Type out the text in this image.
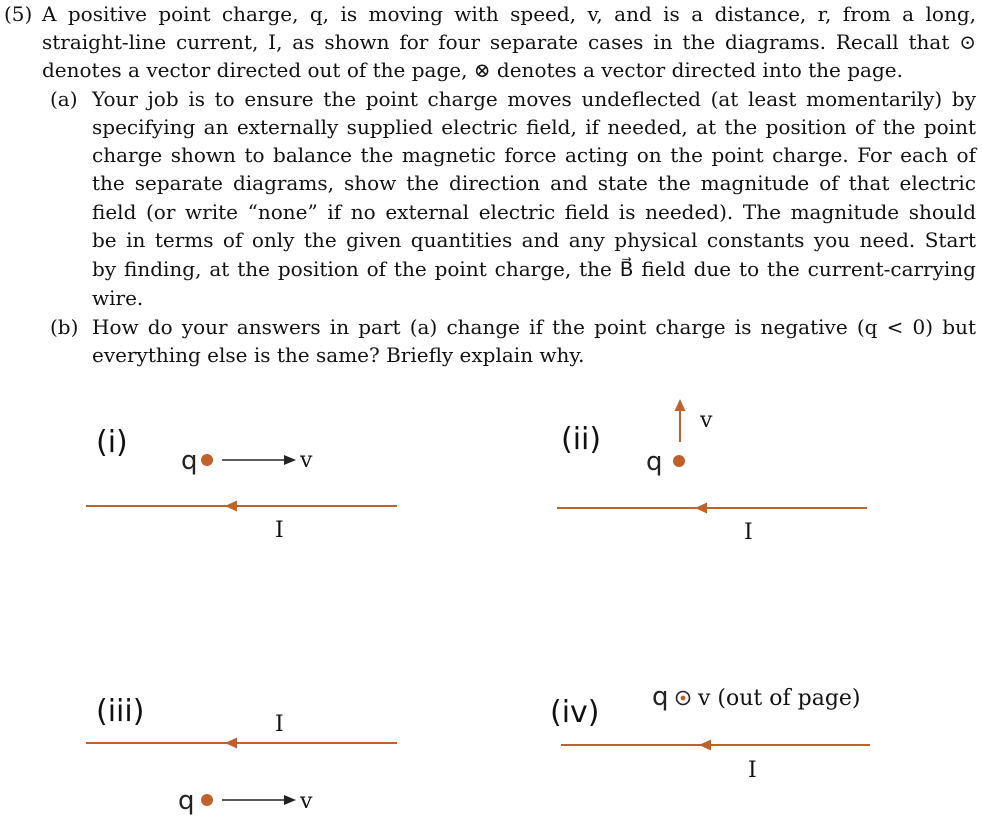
(5) A positive point charge, q, is moving with speed, v, and is a distance, r, from a long,
straight-line current, I, as shown for four separate cases in the diagrams. Recall that ⊙
denotes a vector directed out of the page, ⊗ denotes a vector directed into the page.
(a) Your job is to ensure the point charge moves undeflected (at least momentarily) by
specifying an externally supplied electric field, if needed, at the position of the point
charge shown to balance the magnetic force acting on the point charge. For each of
the separate diagrams, show the direction and state the magnitude of that electric
field (or write “none” if no external electric field is needed). The magnitude should
be in terms of only the given quantities and any physical constants you need. Start
by finding, at the position of the point charge, the B⃗ field due to the current-carrying
wire.
(b) How do your answers in part (a) change if the point charge is negative (q < 0) but
everything else is the same? Briefly explain why.
(i)
q	v
I
(ii)
v
q
I
(iii)	I
q	v
(iv) q v (out of page)
I
